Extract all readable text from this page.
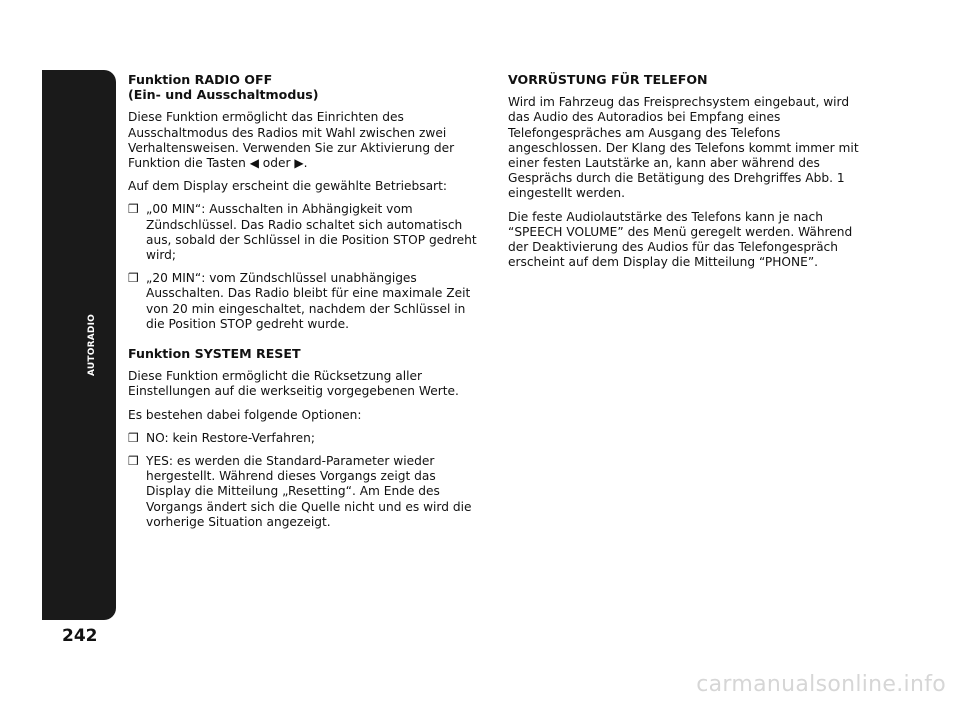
AUTORADIO
242
Funktion RADIO OFF
(Ein- und Ausschaltmodus)

Diese Funktion ermöglicht das Einrichten des Ausschaltmodus des Radios mit Wahl zwischen zwei Verhaltensweisen. Verwenden Sie zur Aktivierung der Funktion die Tasten ◀ oder ▶.

Auf dem Display erscheint die gewählte Betriebsart:

❒ „00 MIN“: Ausschalten in Abhängigkeit vom Zündschlüssel. Das Radio schaltet sich automatisch aus, sobald der Schlüssel in die Position STOP gedreht wird;
❒ „20 MIN“: vom Zündschlüssel unabhängiges Ausschalten. Das Radio bleibt für eine maximale Zeit von 20 min eingeschaltet, nachdem der Schlüssel in die Position STOP gedreht wurde.
Funktion SYSTEM RESET

Diese Funktion ermöglicht die Rücksetzung aller Einstellungen auf die werkseitig vorgegebenen Werte.

Es bestehen dabei folgende Optionen:

❒ NO: kein Restore-Verfahren;
❒ YES: es werden die Standard-Parameter wieder hergestellt. Während dieses Vorgangs zeigt das Display die Mitteilung „Resetting“. Am Ende des Vorgangs ändert sich die Quelle nicht und es wird die vorherige Situation angezeigt.
VORRÜSTUNG FÜR TELEFON

Wird im Fahrzeug das Freisprechsystem eingebaut, wird das Audio des Autoradios bei Empfang eines Telefongespräches am Ausgang des Telefons angeschlossen. Der Klang des Telefons kommt immer mit einer festen Lautstärke an, kann aber während des Gesprächs durch die Betätigung des Drehgriffes Abb. 1 eingestellt werden.

Die feste Audiolautstärke des Telefons kann je nach “SPEECH VOLUME” des Menü geregelt werden. Während der Deaktivierung des Audios für das Telefongespräch erscheint auf dem Display die Mitteilung “PHONE”.

carmanualsonline.info
